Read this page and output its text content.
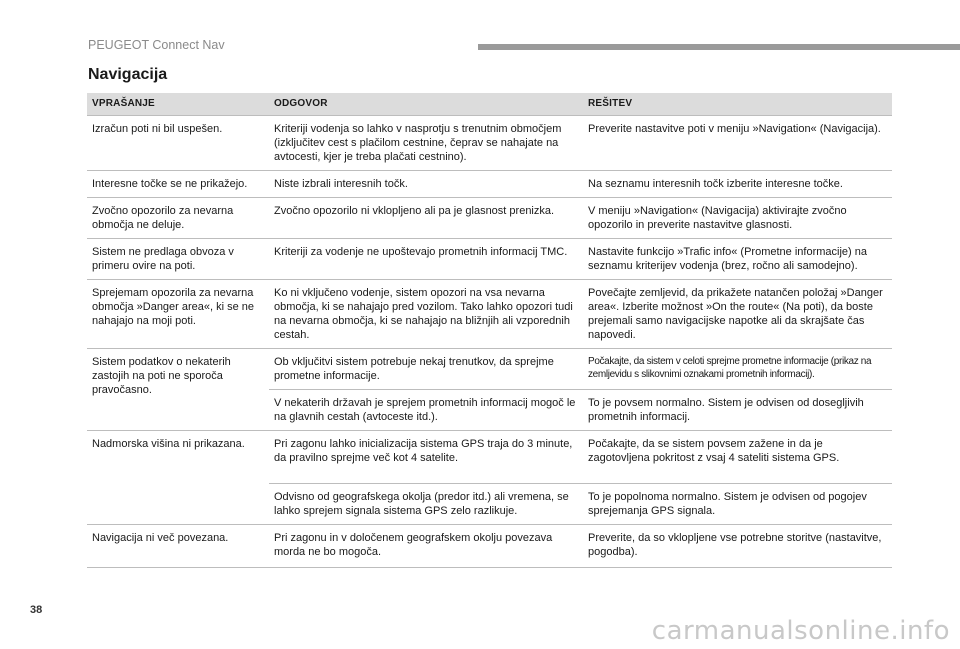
PEUGEOT Connect Nav
Navigacija
VPRAŠANJE	ODGOVOR	REŠITEV
Izračun poti ni bil uspešen.	Kriteriji vodenja so lahko v nasprotju s trenutnim območjem (izključitev cest s plačilom cestnine, čeprav se nahajate na avtocesti, kjer je treba plačati cestnino).	Preverite nastavitve poti v meniju »Navigation« (Navigacija).
Interesne točke se ne prikažejo.	Niste izbrali interesnih točk.	Na seznamu interesnih točk izberite interesne točke.
Zvočno opozorilo za nevarna območja ne deluje.	Zvočno opozorilo ni vklopljeno ali pa je glasnost prenizka.	V meniju »Navigation« (Navigacija) aktivirajte zvočno opozorilo in preverite nastavitve glasnosti.
Sistem ne predlaga obvoza v primeru ovire na poti.	Kriteriji za vodenje ne upoštevajo prometnih informacij TMC.	Nastavite funkcijo »Trafic info« (Prometne informacije) na seznamu kriterijev vodenja (brez, ročno ali samodejno).
Sprejemam opozorila za nevarna območja »Danger area«, ki se ne nahajajo na moji poti.	Ko ni vključeno vodenje, sistem opozori na vsa nevarna območja, ki se nahajajo pred vozilom. Tako lahko opozori tudi na nevarna območja, ki se nahajajo na bližnjih ali vzporednih cestah.	Povečajte zemljevid, da prikažete natančen položaj »Danger area«. Izberite možnost »On the route« (Na poti), da boste prejemali samo navigacijske napotke ali da skrajšate čas napovedi.
Sistem podatkov o nekaterih zastojih na poti ne sporoča pravočasno.	Ob vključitvi sistem potrebuje nekaj trenutkov, da sprejme prometne informacije.	Počakajte, da sistem v celoti sprejme prometne informacije (prikaz na zemljevidu s slikovnimi oznakami prometnih informacij).
	V nekaterih državah je sprejem prometnih informacij mogoč le na glavnih cestah (avtoceste itd.).	To je povsem normalno. Sistem je odvisen od dosegljivih prometnih informacij.
Nadmorska višina ni prikazana.	Pri zagonu lahko inicializacija sistema GPS traja do 3 minute, da pravilno sprejme več kot 4 satelite.	Počakajte, da se sistem povsem zažene in da je zagotovljena pokritost z vsaj 4 sateliti sistema GPS.
	Odvisno od geografskega okolja (predor itd.) ali vremena, se lahko sprejem signala sistema GPS zelo razlikuje.	To je popolnoma normalno. Sistem je odvisen od pogojev sprejemanja GPS signala.
Navigacija ni več povezana.	Pri zagonu in v določenem geografskem okolju povezava morda ne bo mogoča.	Preverite, da so vklopljene vse potrebne storitve (nastavitve, pogodba).
38
carmanualsonline.info
